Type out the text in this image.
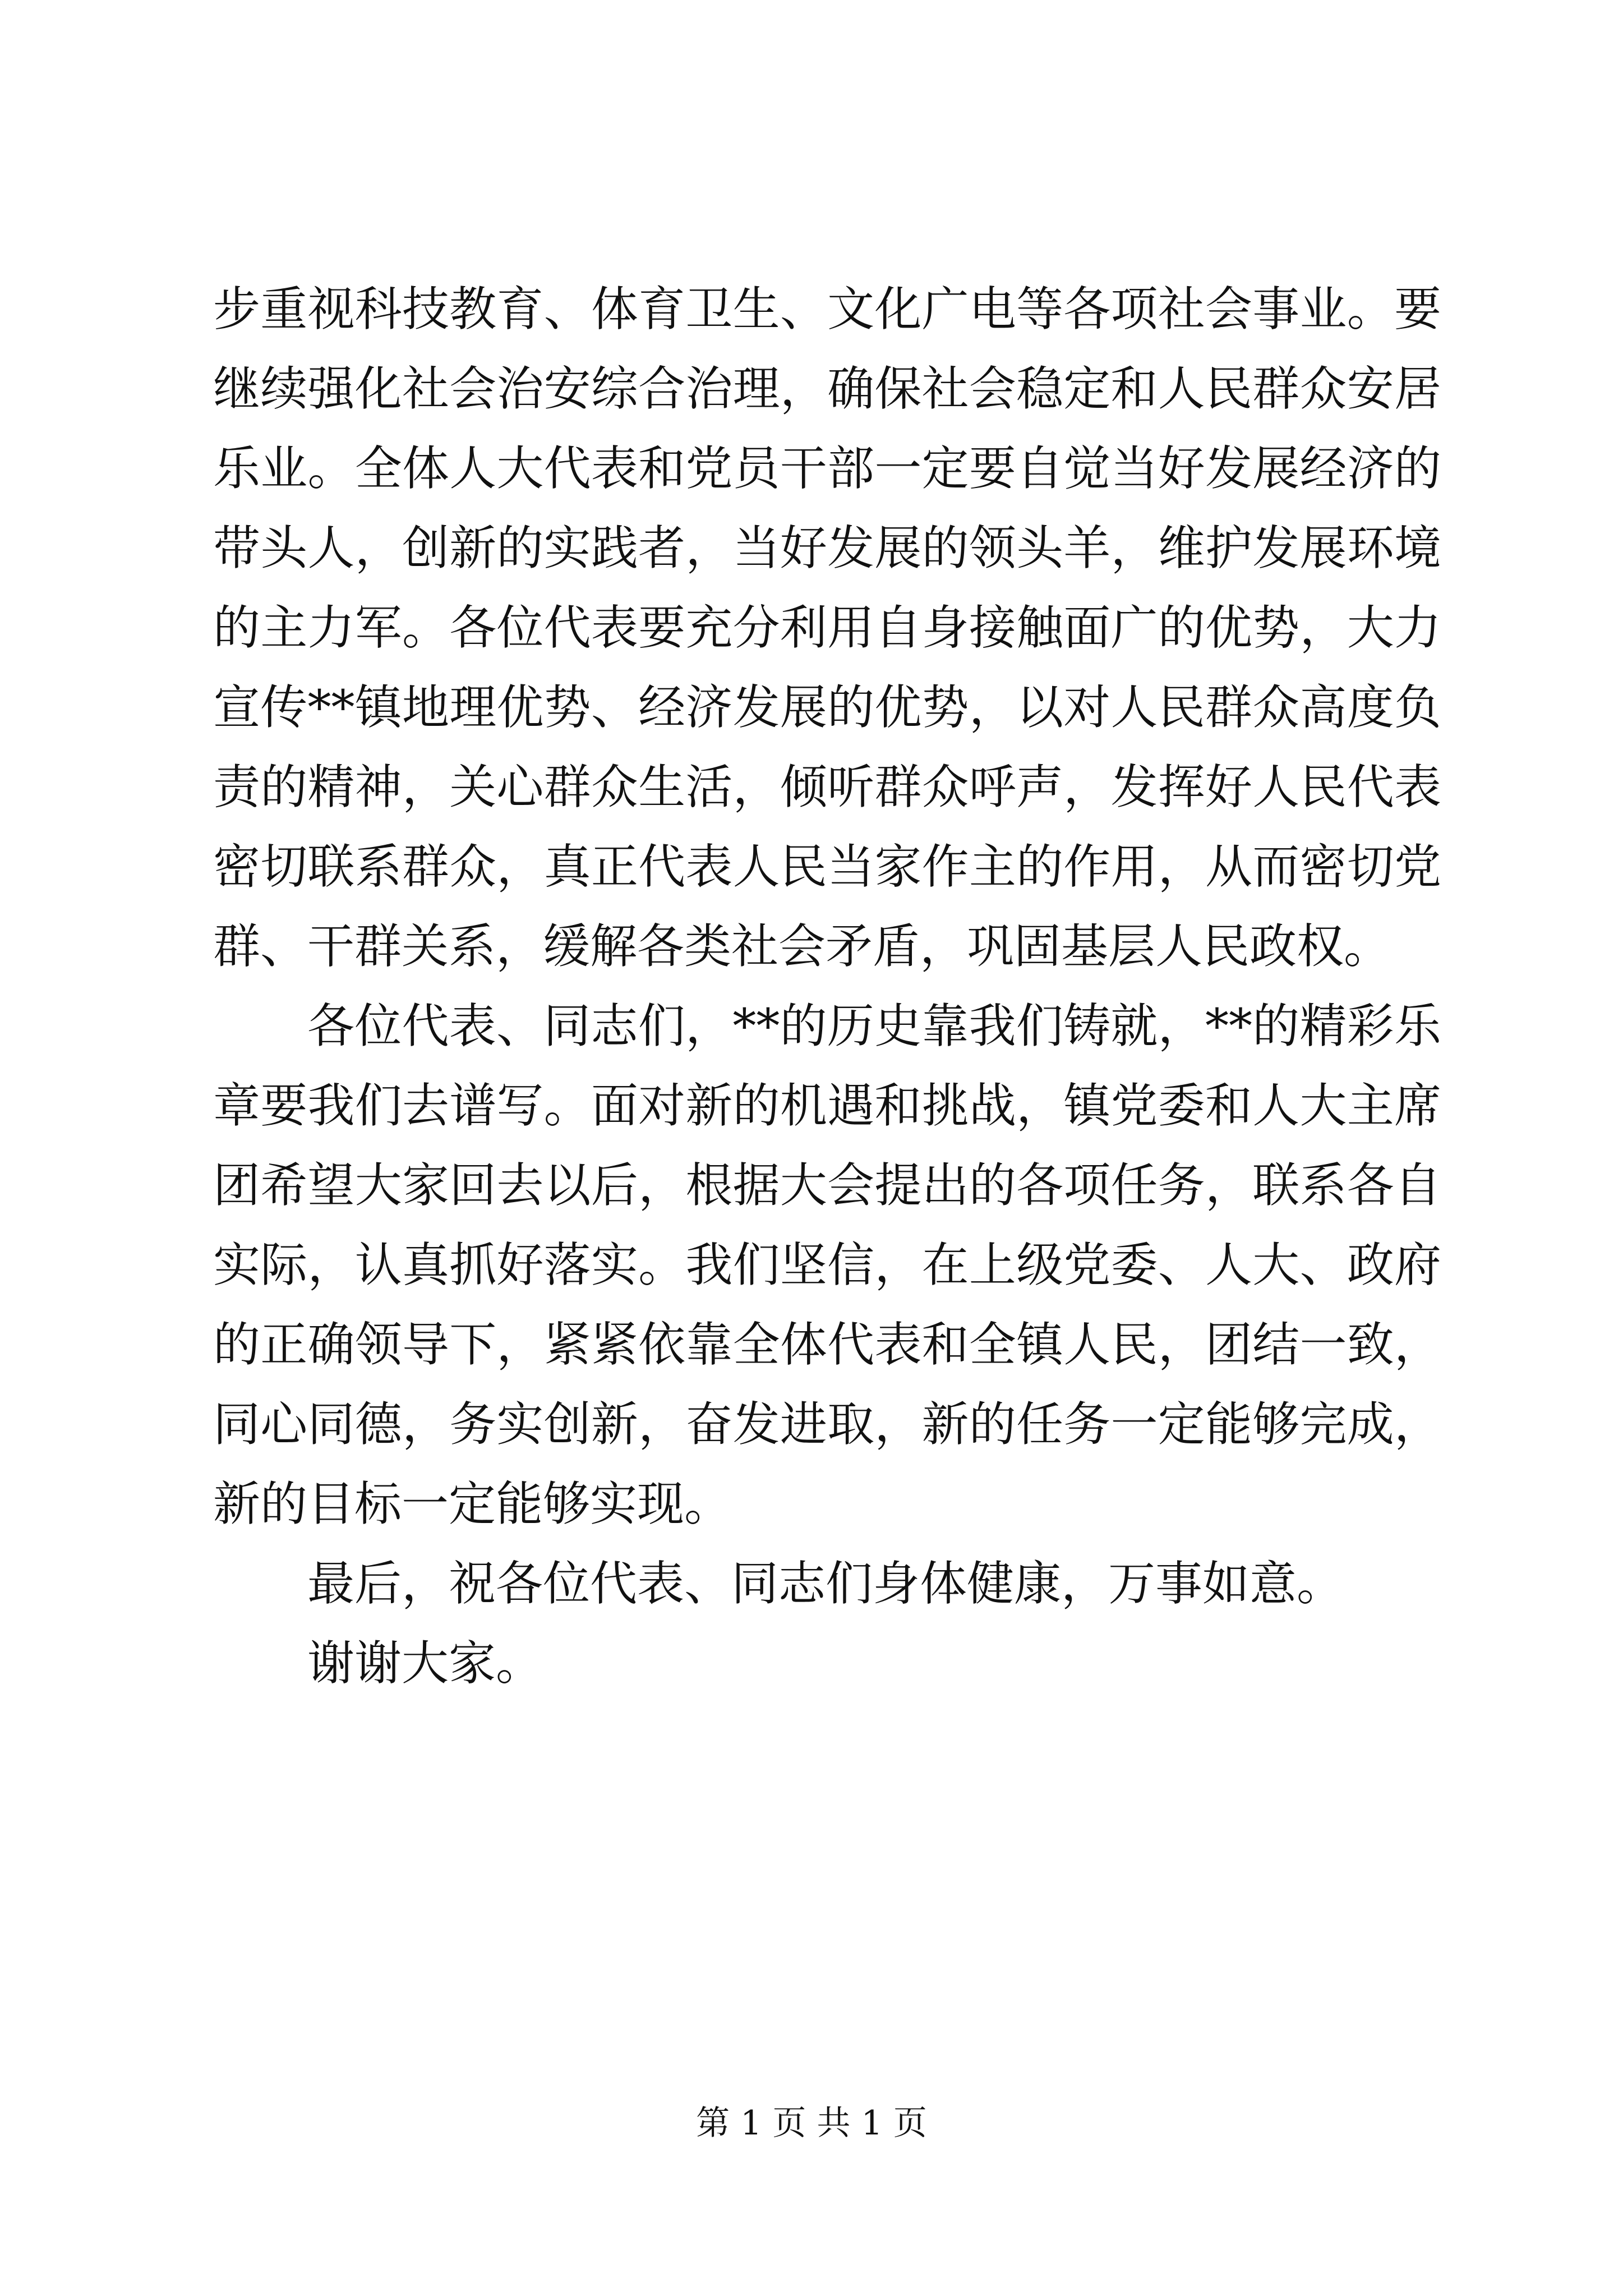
步重视科技教育、体育卫生、文化广电等各项社会事业。要继续强化社会治安综合治理，确保社会稳定和人民群众安居乐业。全体人大代表和党员干部一定要自觉当好发展经济的带头人，创新的实践者，当好发展的领头羊，维护发展环境的主力军。各位代表要充分利用自身接触面广的优势，大力宣传**镇地理优势、经济发展的优势，以对人民群众高度负责的精神，关心群众生活，倾听群众呼声，发挥好人民代表密切联系群众，真正代表人民当家作主的作用，从而密切党群、干群关系，缓解各类社会矛盾，巩固基层人民政权。

各位代表、同志们，**的历史靠我们铸就，**的精彩乐章要我们去谱写。面对新的机遇和挑战，镇党委和人大主席团希望大家回去以后，根据大会提出的各项任务，联系各自实际，认真抓好落实。我们坚信，在上级党委、人大、政府的正确领导下，紧紧依靠全体代表和全镇人民，团结一致，同心同德，务实创新，奋发进取，新的任务一定能够完成，新的目标一定能够实现。

最后，祝各位代表、同志们身体健康，万事如意。

谢谢大家。

第 1 页 共 1 页
